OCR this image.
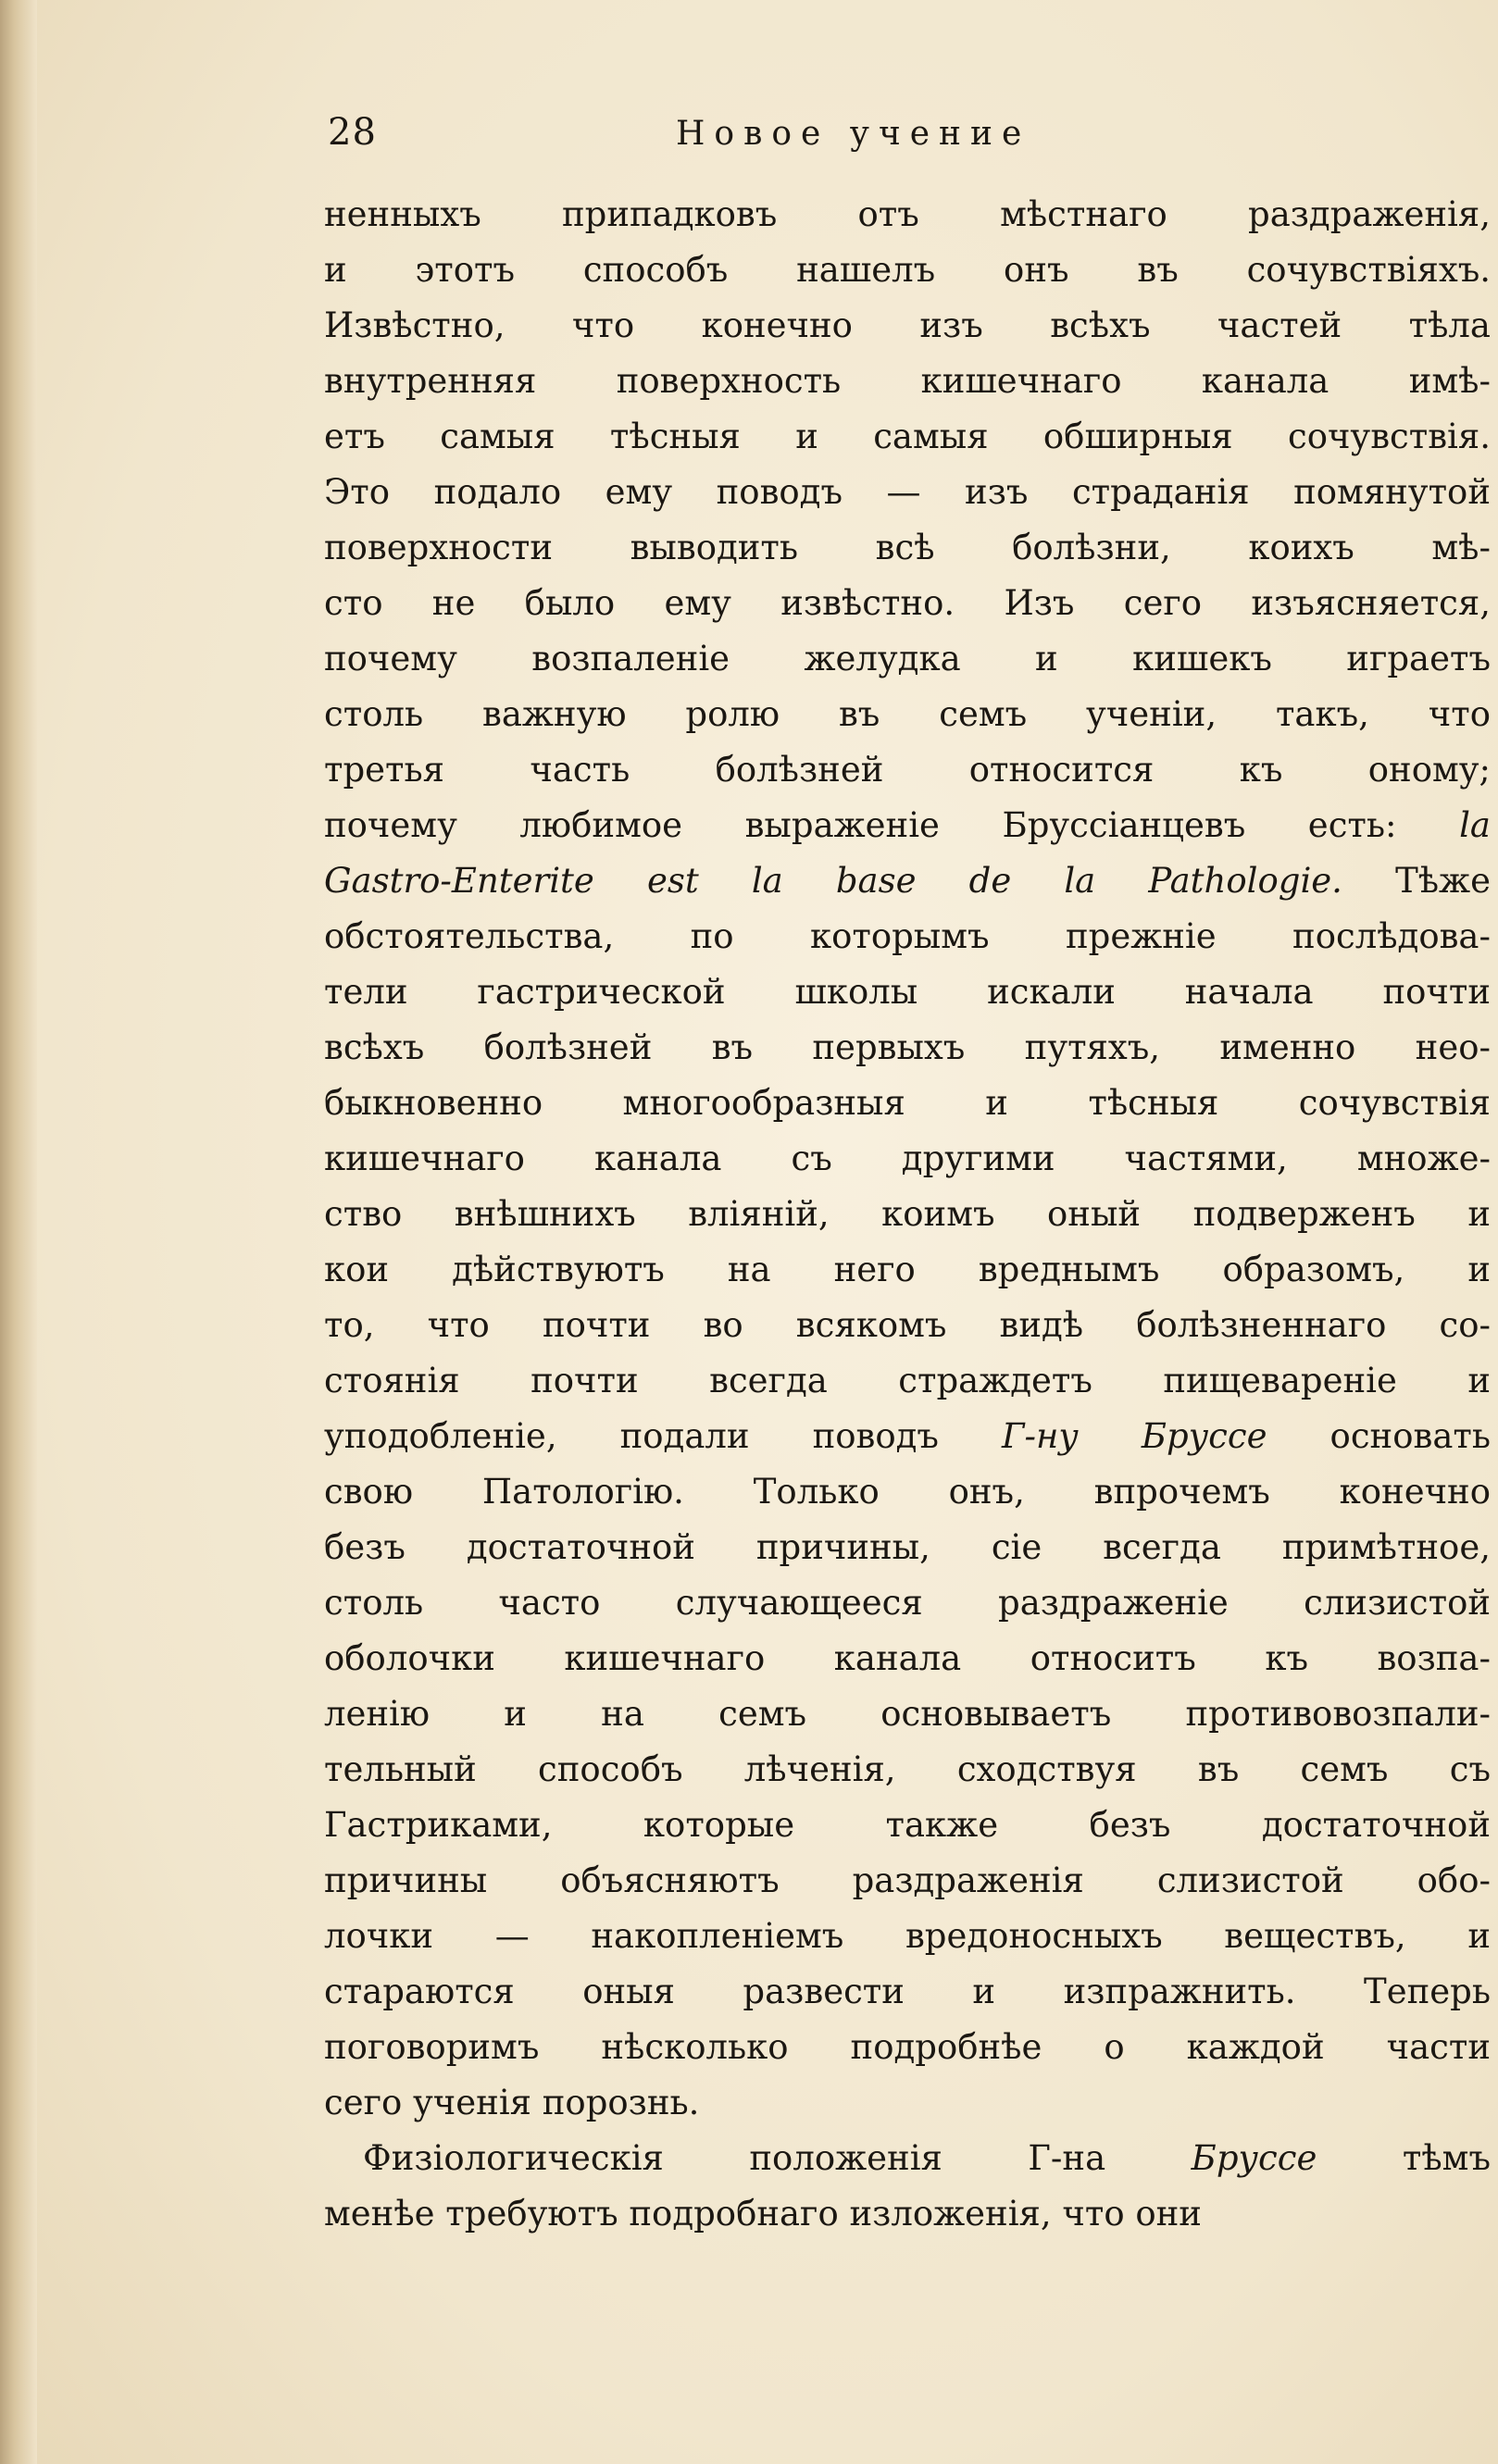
28	Новое учение
ненныхъ припадковъ отъ мѣстнаго раздраженія,
и этотъ способъ нашелъ онъ въ сочувствіяхъ.
Извѣстно, что конечно изъ всѣхъ частей тѣла
внутренняя поверхность кишечнаго канала имѣ-
етъ самыя тѣсныя и самыя обширныя сочувствія.
Это подало ему поводъ — изъ страданія помянутой
поверхности выводить всѣ болѣзни, коихъ мѣ-
сто не было ему извѣстно. Изъ сего изъясняется,
почему возпаленіе желудка и кишекъ играетъ
столь важную ролю въ семъ ученіи, такъ, что
третья часть болѣзней относится къ оному;
почему любимое выраженіе Бруссіанцевъ есть: la
Gastro-Enterite est la base de la Pathologie. Тѣже
обстоятельства, по которымъ прежніе послѣдова-
тели гастрической школы искали начала почти
всѣхъ болѣзней въ первыхъ путяхъ, именно нео-
быкновенно многообразныя и тѣсныя сочувствія
кишечнаго канала съ другими частями, множе-
ство внѣшнихъ вліяній, коимъ оный подверженъ и
кои дѣйствуютъ на него вреднымъ образомъ, и
то, что почти во всякомъ видѣ болѣзненнаго со-
стоянія почти всегда страждетъ пищевареніе и
уподобленіе, подали поводъ Г-ну Бруссе основать
свою Патологію. Только онъ, впрочемъ конечно
безъ достаточной причины, сіе всегда примѣтное,
столь часто случающееся раздраженіе слизистой
оболочки кишечнаго канала относитъ къ возпа-
ленію и на семъ основываетъ противовозпали-
тельный способъ лѣченія, сходствуя въ семъ съ
Гастриками, которые также безъ достаточной
причины объясняютъ раздраженія слизистой обо-
лочки — накопленіемъ вредоносныхъ веществъ, и
стараются оныя развести и изпражнить. Теперь
поговоримъ нѣсколько подробнѣе о каждой части
сего ученія порознь.
Физіологическія положенія Г-на Бруссе тѣмъ
менѣе требуютъ подробнаго изложенія, что они
